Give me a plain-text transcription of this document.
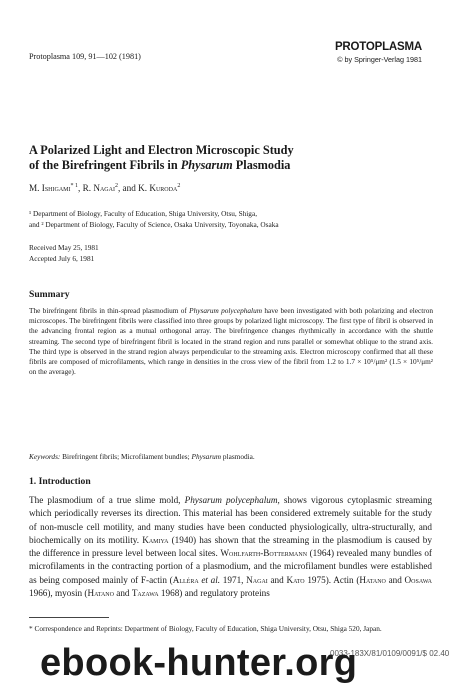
Protoplasma 109, 91—102 (1981)
PROTOPLASMA
© by Springer-Verlag 1981
A Polarized Light and Electron Microscopic Study
of the Birefringent Fibrils in Physarum Plasmodia
M. Ishigami$^{* 1}$, R. Nagai$^2$, and K. Kuroda$^2$
¹ Department of Biology, Faculty of Education, Shiga University, Otsu, Shiga,
and ² Department of Biology, Faculty of Science, Osaka University, Toyonaka, Osaka
Received May 25, 1981
Accepted July 6, 1981
Summary

The birefringent fibrils in thin-spread plasmodium of Physarum polycephalum have been investigated with both polarizing and electron microscopes. The birefringent fibrils were classified into three groups by polarized light microscopy. The first type of fibril is observed in the advancing frontal region as a mutual orthogonal array. The birefringence changes rhythmically in accordance with the shuttle streaming. The second type of birefringent fibril is located in the strand region and runs parallel or somewhat oblique to the strand axis. The third type is observed in the strand region always perpendicular to the streaming axis. Electron microscopy confirmed that all these fibrils are composed of microfilaments, which range in densities in the cross view of the fibril from 1.2 to 1.7 × 10⁵/μm² (1.5 × 10⁵/μm² on the average).

Keywords: Birefringent fibrils; Microfilament bundles; Physarum plasmodia.

1. Introduction

The plasmodium of a true slime mold, Physarum polycephalum, shows vigorous cytoplasmic streaming which periodically reverses its direction. This material has been considered extremely suitable for the study of non-muscle cell motility, and many studies have been conducted physiologically, ultra-structurally, and biochemically on its motility. Kamiya (1940) has shown that the streaming in the plasmodium is caused by the difference in pressure level between local sites. Wohlfarth-Bottermann (1964) revealed many bundles of microfilaments in the contracting portion of a plasmodium, and the microfilament bundles were established as being composed mainly of F-actin (Alléra et al. 1971, Nagai and Kato 1975). Actin (Hatano and Oosawa 1966), myosin (Hatano and Tazawa 1968) and regulatory proteins

* Correspondence and Reprints: Department of Biology, Faculty of Education, Shiga University, Otsu, Shiga 520, Japan.
0033-183X/81/0109/0091/$ 02.40
ebook-hunter.org
